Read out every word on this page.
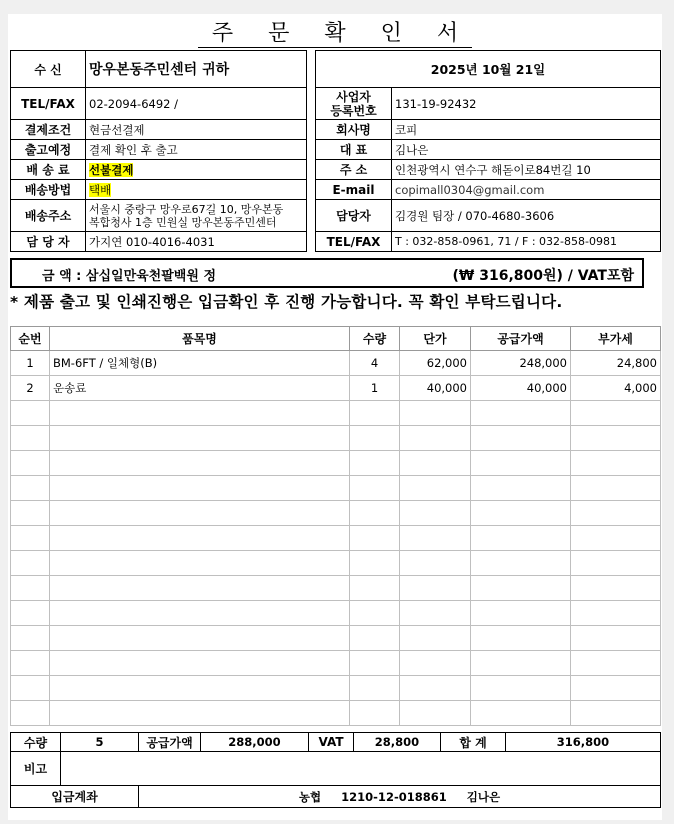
주 문 확 인 서
수 신	망우본동주민센터 귀하
TEL/FAX	02-2094-6492 /
결제조건	현금선결제
출고예정	결제 확인 후 출고
배 송 료	선불결제
배송방법	택배
배송주소	서울시 중랑구 망우로67길 10, 망우본동
복합청사 1층 민원실 망우본동주민센터

담 당 자	가지연 010-4016-4031
2025년 10월 21일	

사업자
등록번호	131-19-92432
회사명	코피
대 표	김나은
주 소	인천광역시 연수구 해돋이로84번길 10
E-mail	copimall0304@gmail.com
담당자	김경원 팀장 / 070-4680-3606
TEL/FAX	T : 032-858-0961, 71 / F : 032-858-0981
금 액 : 삼십일만육천팔백원 정	(₩ 316,800원) / VAT포함
* 제품 출고 및 인쇄진행은 입금확인 후 진행 가능합니다. 꼭 확인 부탁드립니다.
순번	품목명	수량	단가	공급가액	부가세
1	BM-6FT / 일체형(B)	4	62,000	248,000	24,800
2	운송료	1	40,000	40,000	4,000

수량	5	공급가액	288,000	VAT	28,800	합 계	316,800
비고							
입금계좌		농협 1210-12-018861 김나은					
